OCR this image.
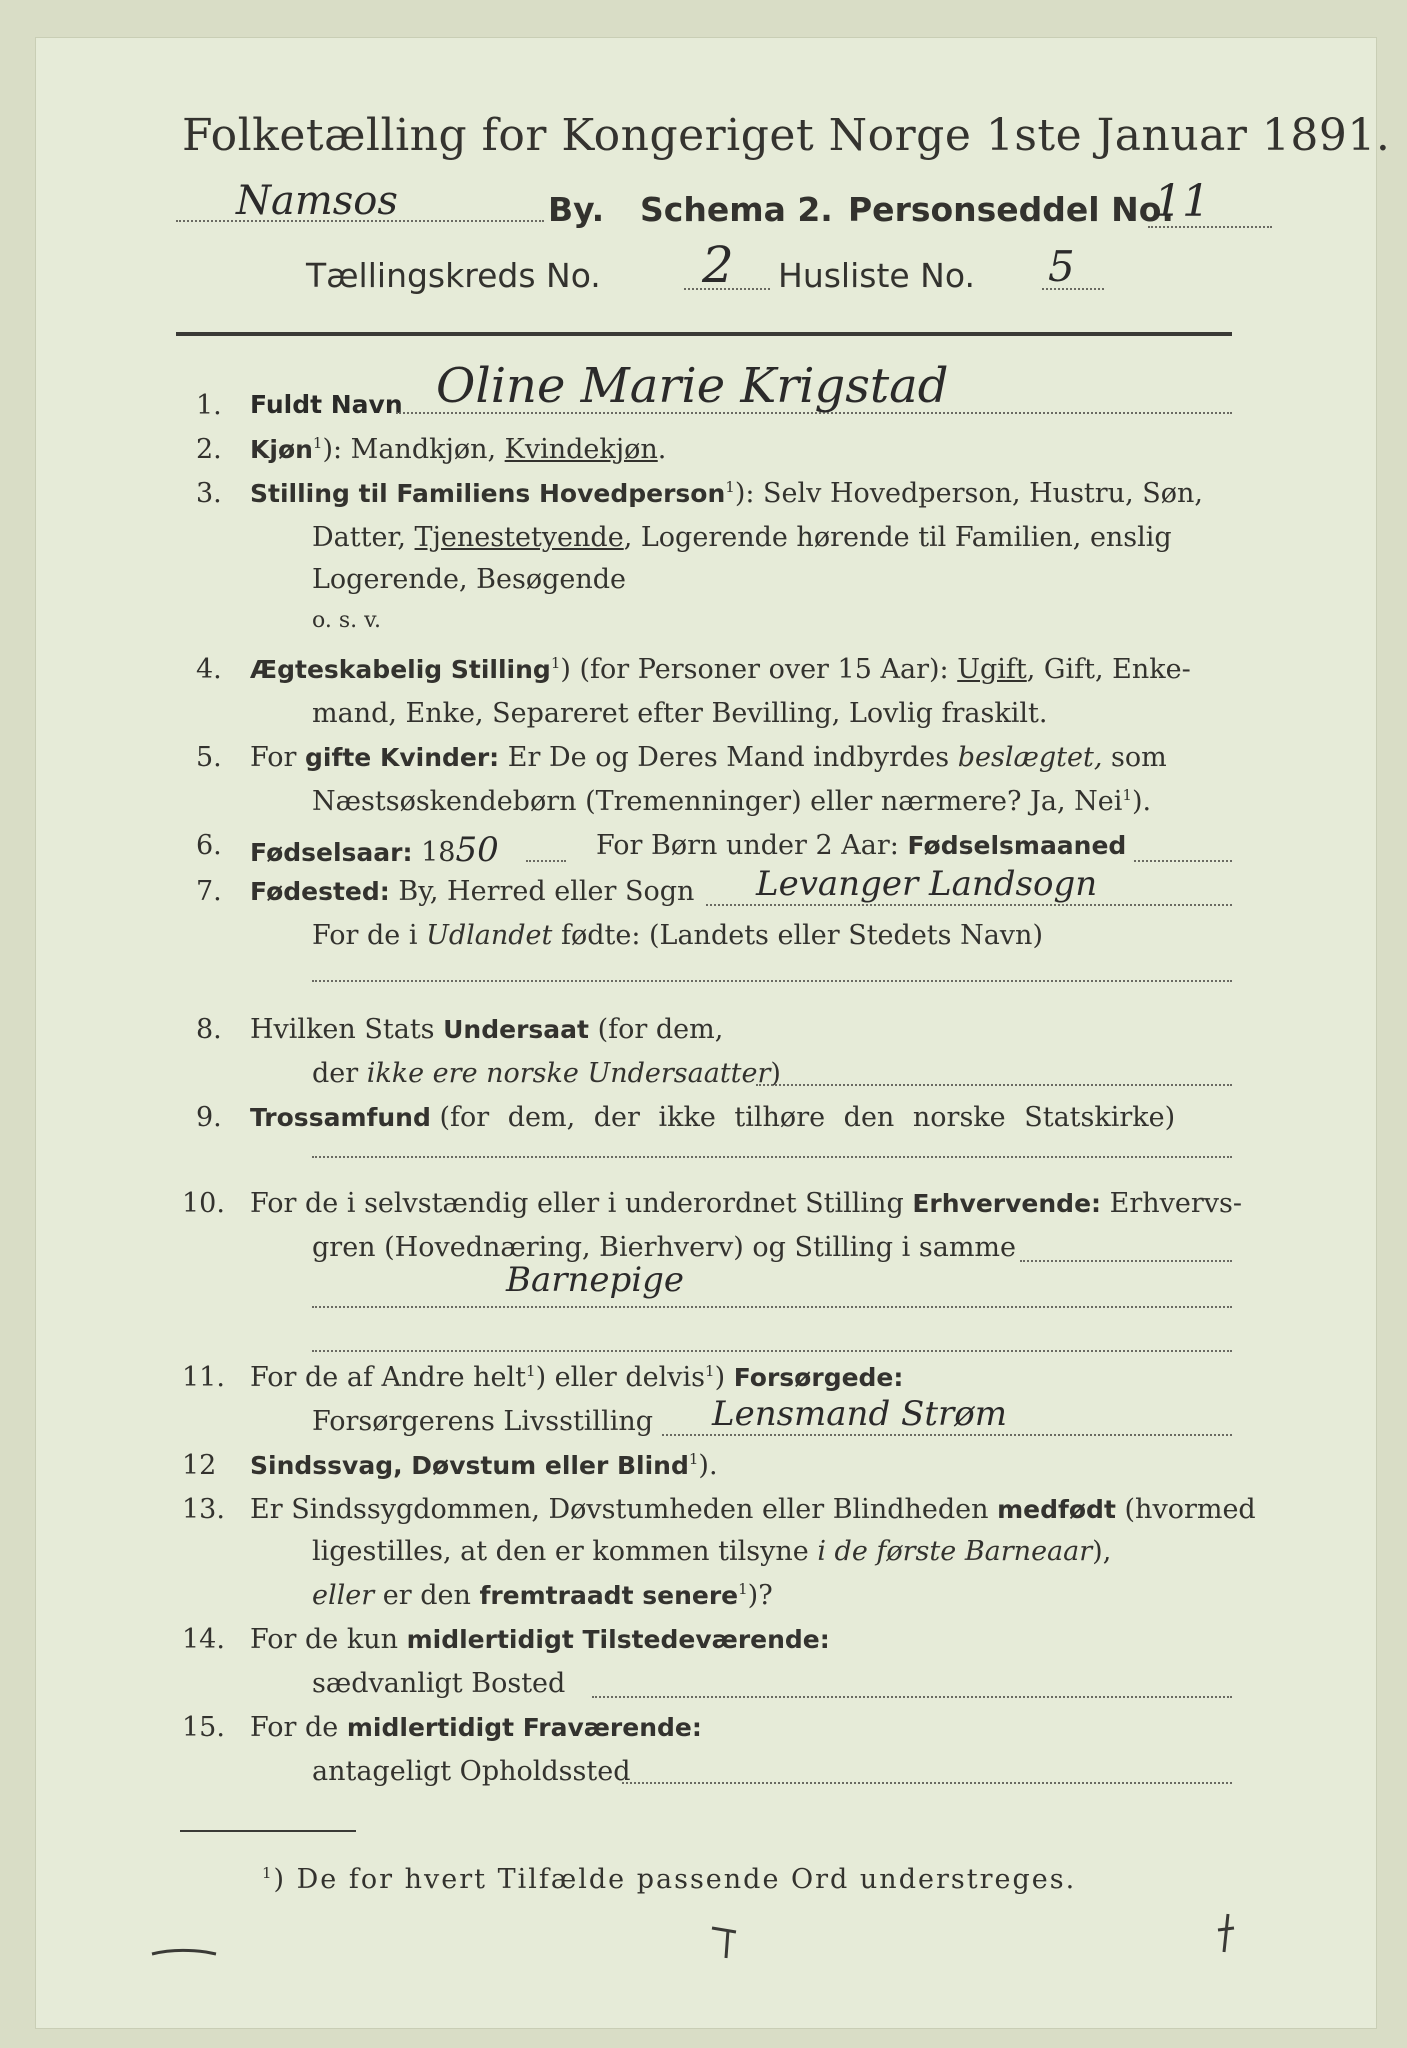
Folketælling for Kongeriget Norge 1ste Januar 1891.
Namsos	By. Schema 2. Personseddel No.
11
Tællingskreds No. 2 Husliste No. 5
1. Fuldt Navn Oline Marie Krigstad
2. Kjøn$^1$): Mandkjøn, Kvindekjøn.
3. Stilling til Familiens Hovedperson$^1$): Selv Hovedperson, Hustru, Søn,
Datter, Tjenestetyende, Logerende hørende til Familien, enslig
Logerende, Besøgende
o. s. v.
4. Ægteskabelig Stilling$^1$) (for Personer over 15 Aar): Ugift, Gift, Enke-
mand, Enke, Separeret efter Bevilling, Lovlig fraskilt.
5. For gifte Kvinder: Er De og Deres Mand indbyrdes beslægtet, som
Næstsøskendebørn (Tremenninger) eller nærmere? Ja, Nei$^1$).
6. Fødselsaar: 1850	For Børn under 2 Aar: Fødselsmaaned
7. Fødested: By, Herred eller Sogn Levanger Landsogn
For de i Udlandet fødte: (Landets eller Stedets Navn)
8. Hvilken Stats Undersaat (for dem,
der ikke ere norske Undersaatter)
9. Trossamfund (for dem, der ikke tilhøre den norske Statskirke)
10. For de i selvstændig eller i underordnet Stilling Erhvervende: Erhvervs-
gren (Hovednæring, Bierhverv) og Stilling i samme
Barnepige
11. For de af Andre helt$^1$) eller delvis$^1$) Forsørgede:
Forsørgerens Livsstilling Lensmand Strøm
12 Sindssvag, Døvstum eller Blind$^1$).
13. Er Sindssygdommen, Døvstumheden eller Blindheden medfødt (hvormed
ligestilles, at den er kommen tilsyne i de første Barneaar),
eller er den fremtraadt senere$^1$)?
14. For de kun midlertidigt Tilstedeværende:
sædvanligt Bosted
15. For de midlertidigt Fraværende:
antageligt Opholdssted
$^1$) De for hvert Tilfælde passende Ord understreges.
